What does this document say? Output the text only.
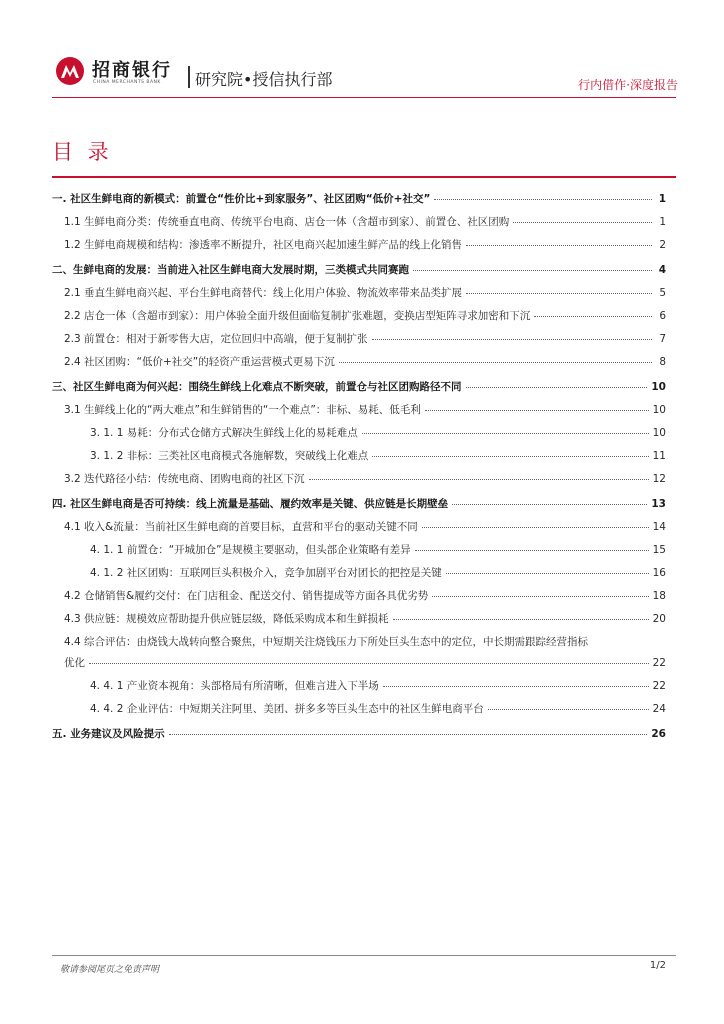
招商银行
CHINA MERCHANTS BANK 研究院•授信执行部	行内借作·深度报告
目 录
一. 社区生鲜电商的新模式：前置仓“性价比+到家服务”、社区团购“低价+社交”	1
1.1 生鲜电商分类：传统垂直电商、传统平台电商、店仓一体（含超市到家）、前置仓、社区团购	1
1.2 生鲜电商规模和结构：渗透率不断提升，社区电商兴起加速生鲜产品的线上化销售	2
二、生鲜电商的发展：当前进入社区生鲜电商大发展时期，三类模式共同赛跑	4
2.1 垂直生鲜电商兴起、平台生鲜电商替代：线上化用户体验、物流效率带来品类扩展	5
2.2 店仓一体（含超市到家）：用户体验全面升级但面临复制扩张难题，变换店型矩阵寻求加密和下沉	6
2.3 前置仓：相对于新零售大店，定位回归中高端，便于复制扩张	7
2.4 社区团购：“低价+社交”的轻资产重运营模式更易下沉	8
三、社区生鲜电商为何兴起：围绕生鲜线上化难点不断突破，前置仓与社区团购路径不同	10
3.1 生鲜线上化的“两大难点”和生鲜销售的“一个难点”：非标、易耗、低毛利	10
3. 1. 1 易耗：分布式仓储方式解决生鲜线上化的易耗难点	10
3. 1. 2 非标：三类社区电商模式各施解数，突破线上化难点	11
3.2 迭代路径小结：传统电商、团购电商的社区下沉	12
四. 社区生鲜电商是否可持续：线上流量是基础、履约效率是关键、供应链是长期壁垒	13
4.1 收入&流量：当前社区生鲜电商的首要目标，直营和平台的驱动关键不同	14
4. 1. 1 前置仓：“开城加仓”是规模主要驱动，但头部企业策略有差异	15
4. 1. 2 社区团购：互联网巨头积极介入，竞争加剧平台对团长的把控是关键	16
4.2 仓储销售&履约交付：在门店租金、配送交付、销售提成等方面各具优劣势	18
4.3 供应链：规模效应帮助提升供应链层级，降低采购成本和生鲜损耗	20
4.4 综合评估：由烧钱大战转向整合聚焦，中短期关注烧钱压力下所处巨头生态中的定位，中长期需跟踪经营指标
优化	22
4. 4. 1 产业资本视角：头部格局有所清晰，但难言进入下半场	22
4. 4. 2 企业评估：中短期关注阿里、美团、拼多多等巨头生态中的社区生鲜电商平台	24
五. 业务建议及风险提示	26
敬请参阅尾页之免责声明	1/2
